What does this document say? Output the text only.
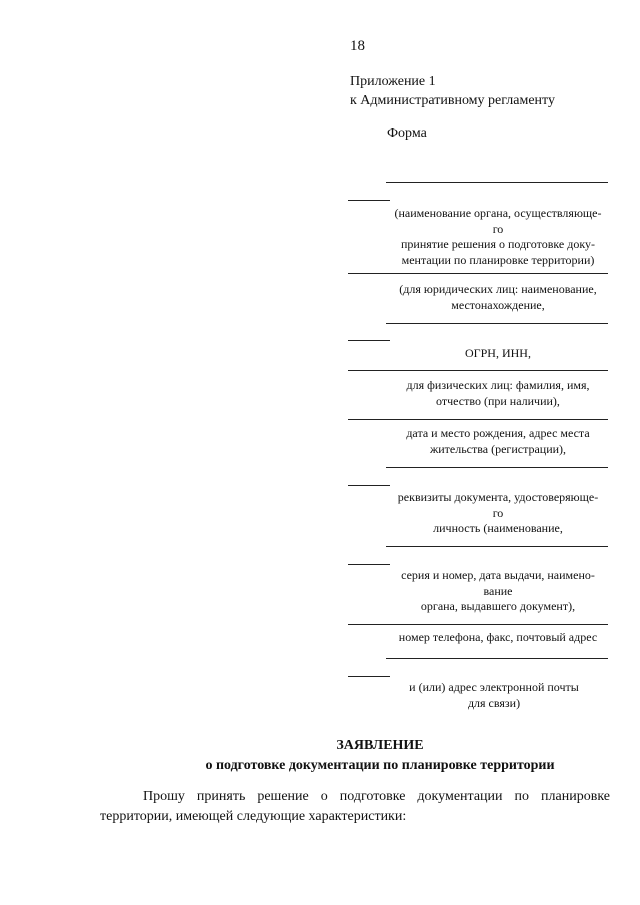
18
Приложение 1
к Административному регламенту
Форма
(наименование органа, осуществляюще-
го
принятие решения о подготовке доку-
ментации по планировке территории)
(для юридических лиц: наименование,
местонахождение,
ОГРН, ИНН,
для физических лиц: фамилия, имя,
отчество (при наличии),
дата и место рождения, адрес места
жительства (регистрации),
реквизиты документа, удостоверяюще-
го
личность (наименование,
серия и номер, дата выдачи, наимено-
вание
органа, выдавшего документ),
номер телефона, факс, почтовый адрес
и (или) адрес электронной почты
для связи)
ЗАЯВЛЕНИЕ
о подготовке документации по планировке территории
Прошу принять решение о подготовке документации по планировке территории, имеющей следующие характеристики:
